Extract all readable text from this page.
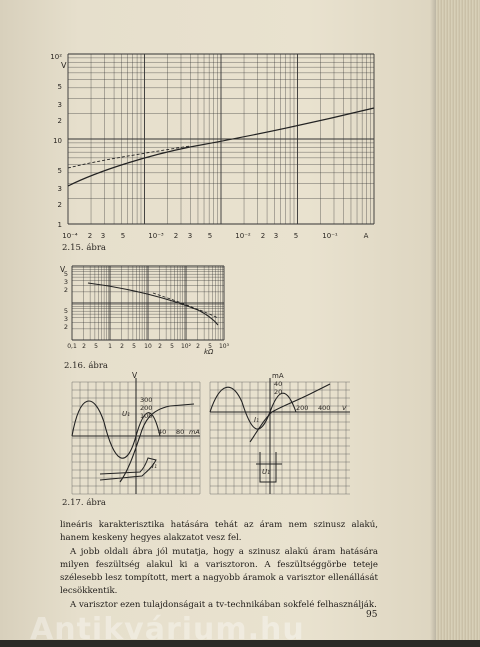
V
10²
5
3
2
10
5
3
2
1
10⁻⁴ 2 3 5	10⁻³ 2 3 5	10⁻² 2 3 5	10⁻¹	A
2.15. ábra
V
5
3
2
5
3
2
0,1 2 5 1 2 5 10 2 5 10² 2 5 10³
kΩ
2.16. ábra
V
300
200
100
40 80 mA
U₁
I₁
mA
40
20
200 400 V
I₁
U₁
2.17. ábra

lineáris karakterisztika hatására tehát az áram nem szinusz alakú, hanem keskeny hegyes alakzatot vesz fel.

A jobb oldali ábra jól mutatja, hogy a szinusz alakú áram hatására milyen feszültség alakul ki a varisztoron. A feszültséggörbe teteje szélesebb lesz tompított, mert a nagyobb áramok a varisztor ellenállását lecsökkentik.

A varisztor ezen tulajdonságait a tv-technikában sokfelé felhasználják.

95
Antikvárium.hu
